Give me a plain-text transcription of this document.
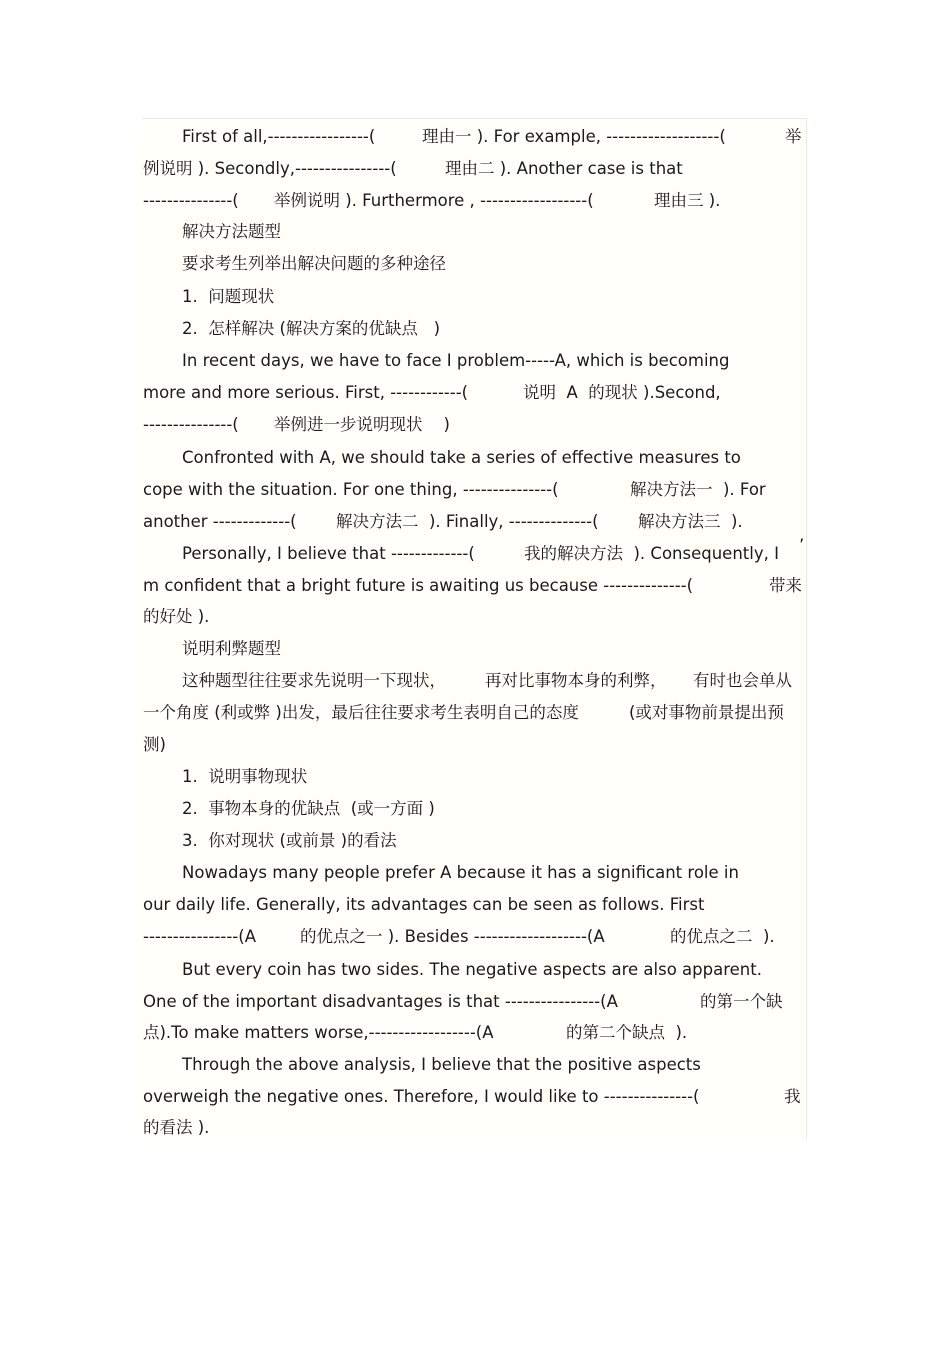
First of all,-----------------(

	理由一 ). For example, -------------------(

	举

例说明 ). Secondly,----------------(

	理由二 ). Another case is that

---------------(

举例说明 ). Furthermore , ------------------(

	理由三 ).

解决方法题型

要求考生列举出解决问题的多种途径

1.  问题现状

2.  怎样解决 (解决方案的优缺点   )

In recent days, we have to face I problem-----A, which is becoming

more and more serious. First, ------------(

	说明  A  的现状 ).Second,

---------------(

举例进一步说明现状    )

Confronted with A, we should take a series of effective measures to

cope with the situation. For one thing, ---------------(

	解决方法一  ). For

another -------------(

解决方法二  ). Finally, --------------(

解决方法三  ).

Personally, I believe that -------------(

	我的解决方法  ). Consequently, I

’

m confident that a bright future is awaiting us because --------------(

	带来

的好处 ).

说明利弊题型

这种题型往往要求先说明一下现状，

再对比事物本身的利弊，

有时也会单从

一个角度 (利或弊 )出发，最后往往要求考生表明自己的态度

	(或对事物前景提出预

测)

1.  说明事物现状

2.  事物本身的优缺点  (或一方面 )

3.  你对现状 (或前景 )的看法

Nowadays many people prefer A because it has a significant role in

our daily life. Generally, its advantages can be seen as follows. First

----------------(A

	的优点之一 ). Besides -------------------(A

	的优点之二  ).

But every coin has two sides. The negative aspects are also apparent.

One of the important disadvantages is that ----------------(A

	的第一个缺

点).To make matters worse,------------------(A

	的第二个缺点  ).

Through the above analysis, I believe that the positive aspects

overweigh the negative ones. Therefore, I would like to ---------------(

	我

的看法 ).
